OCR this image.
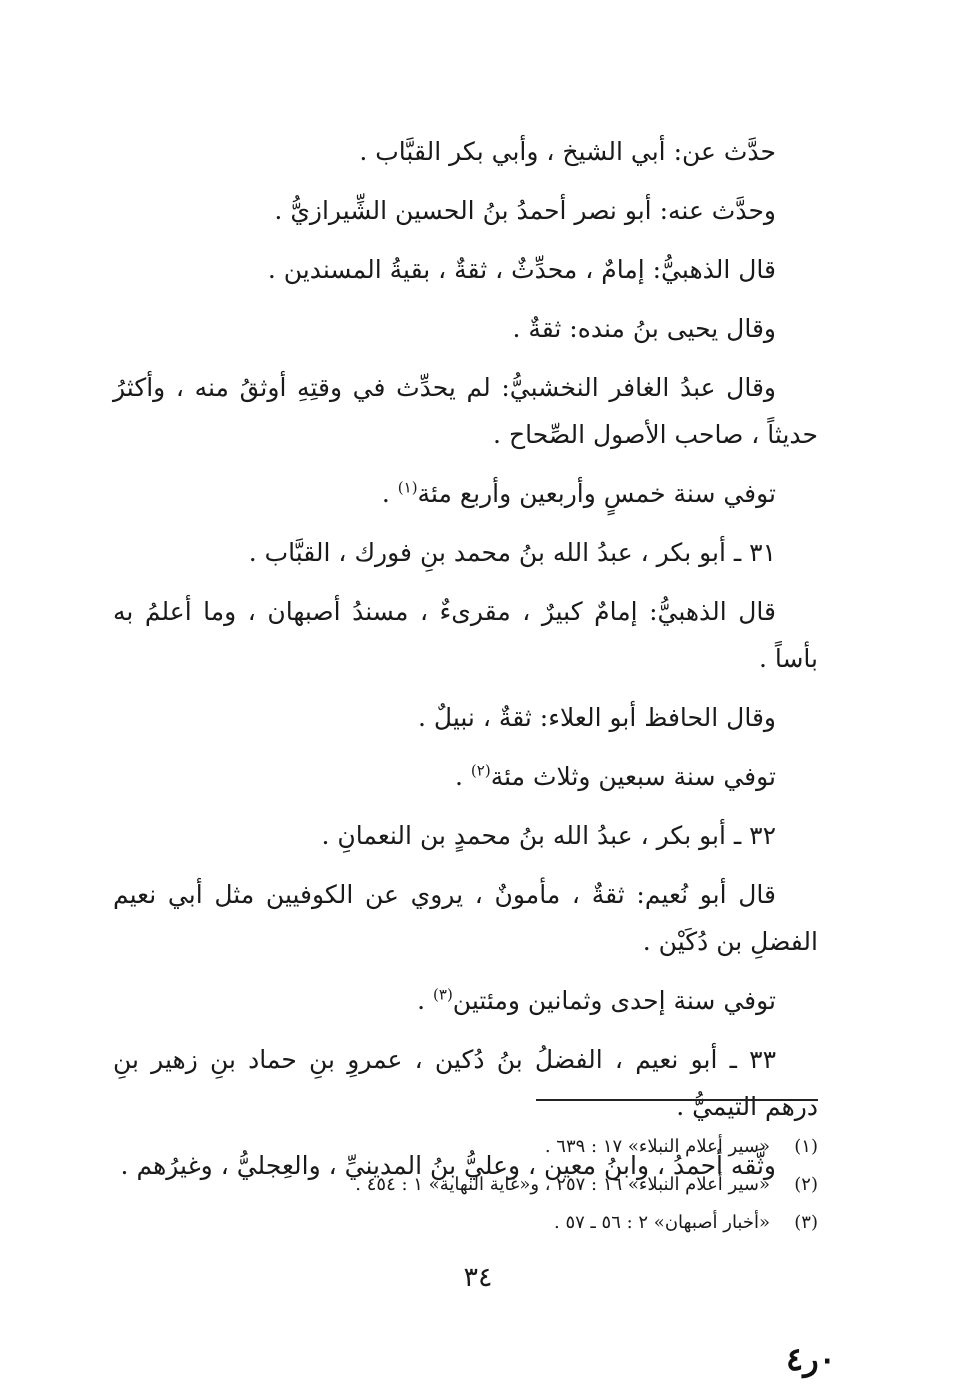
حدَّث عن: أبي الشيخ ، وأبي بكر القبَّاب .

وحدَّث عنه: أبو نصر أحمدُ بنُ الحسين الشِّيرازيُّ .

قال الذهبيُّ: إمامٌ ، محدِّثٌ ، ثقةٌ ، بقيةُ المسندين .

وقال يحيى بنُ منده: ثقةٌ .

وقال عبدُ الغافر النخشبيُّ: لم يحدِّث في وقتِهِ أوثقُ منه ، وأكثرُ حديثاً ، صاحب الأصول الصِّحاح .

توفي سنة خمسٍ وأربعين وأربع مئة$^{(١)}$ .

٣١ ـ أبو بكر ، عبدُ الله بنُ محمد بنِ فورك ، القبَّاب .

قال الذهبيُّ: إمامٌ كبيرٌ ، مقرىءٌ ، مسندُ أصبهان ، وما أعلمُ به بأساً .

وقال الحافظ أبو العلاء: ثقةٌ ، نبيلٌ .

توفي سنة سبعين وثلاث مئة$^{(٢)}$ .

٣٢ ـ أبو بكر ، عبدُ الله بنُ محمدٍ بن النعمانِ .

قال أبو نُعيم: ثقةٌ ، مأمونٌ ، يروي عن الكوفيين مثل أبي نعيم الفضلِ بن دُكَيْن .

توفي سنة إحدى وثمانين ومئتين$^{(٣)}$ .

٣٣ ـ أبو نعيم ، الفضلُ بنُ دُكين ، عمروِ بنِ حماد بنِ زهير بنِ درهم التيميُّ .

وثَّقه أحمدُ ، وابنُ معين ، وعليُّ بنُ المدينيِّ ، والعِجليُّ ، وغيرُهم .

(١)
«سير أعلام النبلاء» ١٧ : ٦٣٩ .
(٢)
«سير أعلام النبلاء» ١٦ : ٢٥٧ ، و«غاية النهاية» ١ : ٤٥٤ .
(٣)
«أخبار أصبهان» ٢ : ٥٦ ـ ٥٧ .
٣٤
٠ر٤
